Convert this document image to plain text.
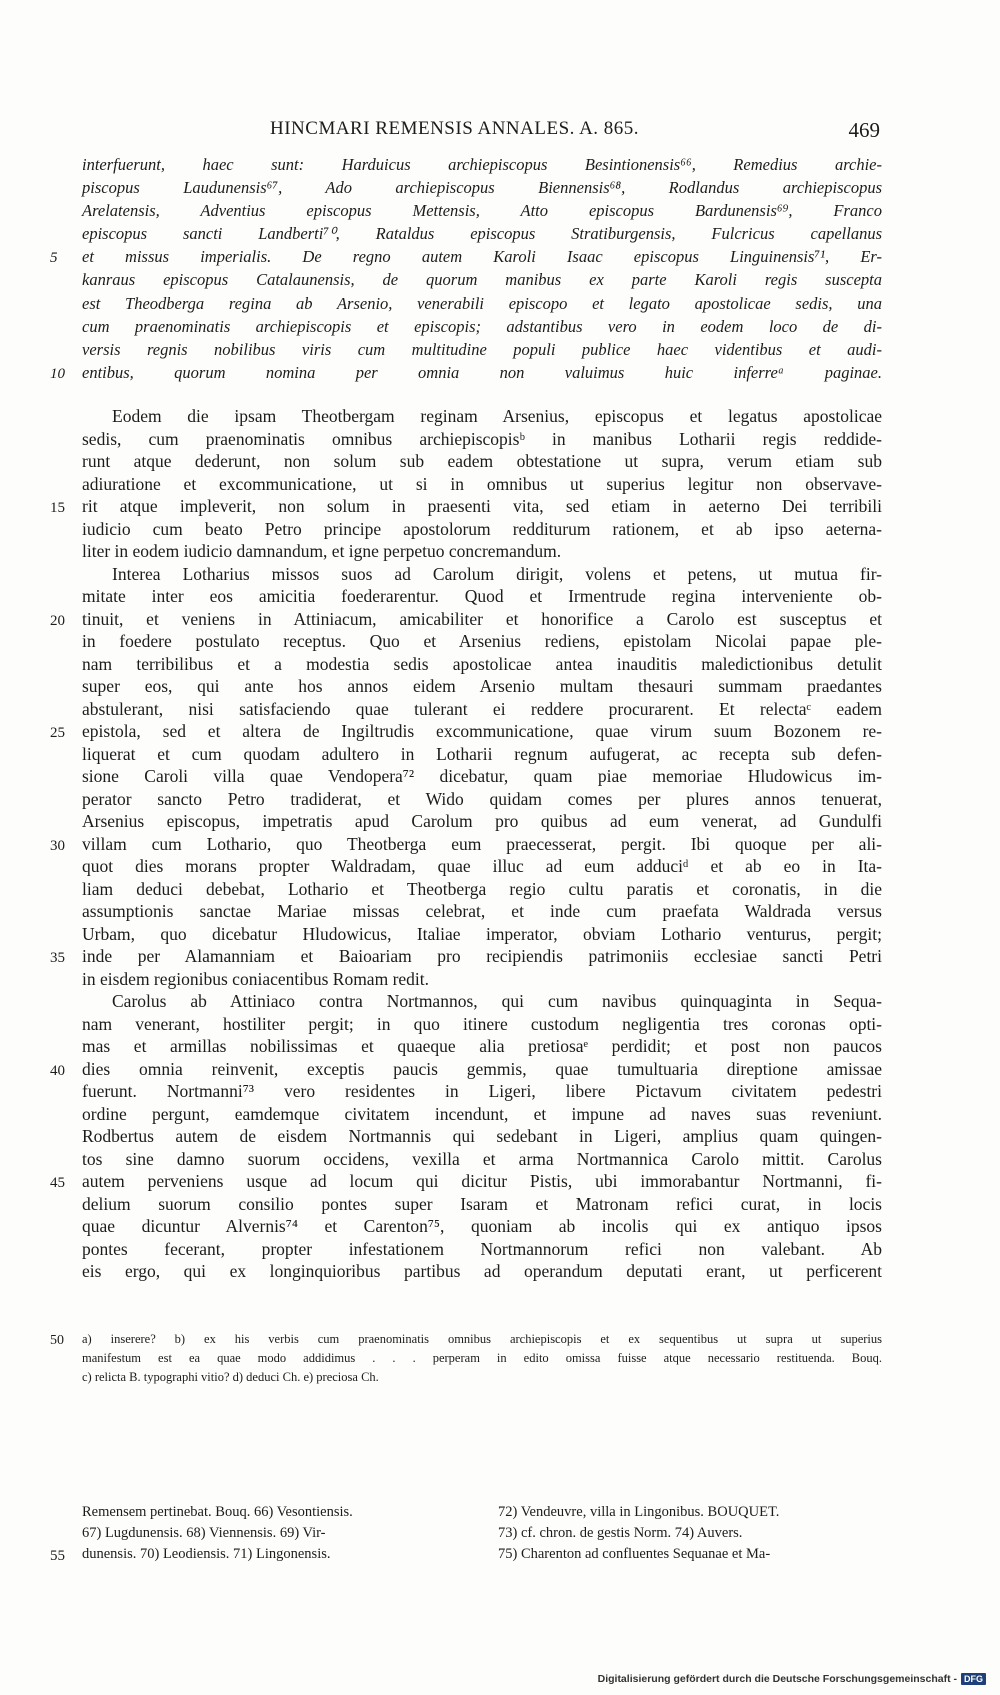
HINCMARI REMENSIS ANNALES. A. 865.	469
interfuerunt, haec sunt: Harduicus archiepiscopus Besintionensis⁶⁶, Remedius archie-
piscopus Laudunensis⁶⁷, Ado archiepiscopus Biennensis⁶⁸, Rodlandus archiepiscopus
Arelatensis, Adventius episcopus Mettensis, Atto episcopus Bardunensis⁶⁹, Franco
episcopus sancti Landberti⁷⁰, Rataldus episcopus Stratiburgensis, Fulcricus capellanus
5	et missus imperialis. De regno autem Karoli Isaac episcopus Linguinensis⁷¹, Er-
kanraus episcopus Catalaunensis, de quorum manibus ex parte Karoli regis suscepta
est Theodberga regina ab Arsenio, venerabili episcopo et legato apostolicae sedis, una
cum praenominatis archiepiscopis et episcopis; adstantibus vero in eodem loco de di-
versis regnis nobilibus viris cum multitudine populi publice haec videntibus et audi-
10	entibus, quorum nomina per omnia non valuimus huic inferreᵃ paginae.
Eodem die ipsam Theotbergam reginam Arsenius, episcopus et legatus apostolicae
sedis, cum praenominatis omnibus archiepiscopisᵇ in manibus Lotharii regis reddide-
runt atque dederunt, non solum sub eadem obtestatione ut supra, verum etiam sub
adiuratione et excommunicatione, ut si in omnibus ut superius legitur non observave-
15 rit atque impleverit, non solum in praesenti vita, sed etiam in aeterno Dei terribili
iudicio cum beato Petro principe apostolorum redditurum rationem, et ab ipso aeterna-
liter in eodem iudicio damnandum, et igne perpetuo concremandum.
Interea Lotharius missos suos ad Carolum dirigit, volens et petens, ut mutua fir-
mitate inter eos amicitia foederarentur. Quod et Irmentrude regina interveniente ob-
20 tinuit, et veniens in Attiniacum, amicabiliter et honorifice a Carolo est susceptus et
in foedere postulato receptus. Quo et Arsenius rediens, epistolam Nicolai papae ple-
nam terribilibus et a modestia sedis apostolicae antea inauditis maledictionibus detulit
super eos, qui ante hos annos eidem Arsenio multam thesauri summam praedantes
abstulerant, nisi satisfaciendo quae tulerant ei reddere procurarent. Et relectaᶜ eadem
25 epistola, sed et altera de Ingiltrudis excommunicatione, quae virum suum Bozonem re-
liquerat et cum quodam adultero in Lotharii regnum aufugerat, ac recepta sub defen-
sione Caroli villa quae Vendopera⁷² dicebatur, quam piae memoriae Hludowicus im-
perator sancto Petro tradiderat, et Wido quidam comes per plures annos tenuerat,
Arsenius episcopus, impetratis apud Carolum pro quibus ad eum venerat, ad Gundulfi
30 villam cum Lothario, quo Theotberga eum praecesserat, pergit. Ibi quoque per ali-
quot dies morans propter Waldradam, quae illuc ad eum adduciᵈ et ab eo in Ita-
liam deduci debebat, Lothario et Theotberga regio cultu paratis et coronatis, in die
assumptionis sanctae Mariae missas celebrat, et inde cum praefata Waldrada versus
Urbam, quo dicebatur Hludowicus, Italiae imperator, obviam Lothario venturus, pergit;
35 inde per Alamanniam et Baioariam pro recipiendis patrimoniis ecclesiae sancti Petri
in eisdem regionibus coniacentibus Romam redit.
Carolus ab Attiniaco contra Nortmannos, qui cum navibus quinquaginta in Sequa-
nam venerant, hostiliter pergit; in quo itinere custodum negligentia tres coronas opti-
mas et armillas nobilissimas et quaeque alia pretiosaᵉ perdidit; et post non paucos
40 dies omnia reinvenit, exceptis paucis gemmis, quae tumultuaria direptione amissae
fuerunt. Nortmanni⁷³ vero residentes in Ligeri, libere Pictavum civitatem pedestri
ordine pergunt, eamdemque civitatem incendunt, et impune ad naves suas reveniunt.
Rodbertus autem de eisdem Nortmannis qui sedebant in Ligeri, amplius quam quingen-
tos sine damno suorum occidens, vexilla et arma Nortmannica Carolo mittit. Carolus
45 autem perveniens usque ad locum qui dicitur Pistis, ubi immorabantur Nortmanni, fi-
delium suorum consilio pontes super Isaram et Matronam refici curat, in locis
quae dicuntur Alvernis⁷⁴ et Carenton⁷⁵, quoniam ab incolis qui ex antiquo ipsos
pontes fecerant, propter infestationem Nortmannorum refici non valebant. Ab
eis ergo, qui ex longinquioribus partibus ad operandum deputati erant, ut perficerent
50	a) inserere? b) ex his verbis cum praenominatis omnibus archiepiscopis et ex sequentibus ut supra ut superius
manifestum est ea quae modo addidimus . . . perperam in edito omissa fuisse atque necessario restituenda. Bouq.
c) relicta B. typographi vitio? d) deduci Ch. e) preciosa Ch.
Remensem pertinebat. Bouq. 66) Vesontiensis.
67) Lugdunensis. 68) Viennensis. 69) Vir-
55	dunensis. 70) Leodiensis. 71) Lingonensis.
72) Vendeuvre, villa in Lingonibus. BOUQUET.
73) cf. chron. de gestis Norm. 74) Auvers.
75) Charenton ad confluentes Sequanae et Ma-
Digitalisierung gefördert durch die Deutsche Forschungsgemeinschaft - DFG
